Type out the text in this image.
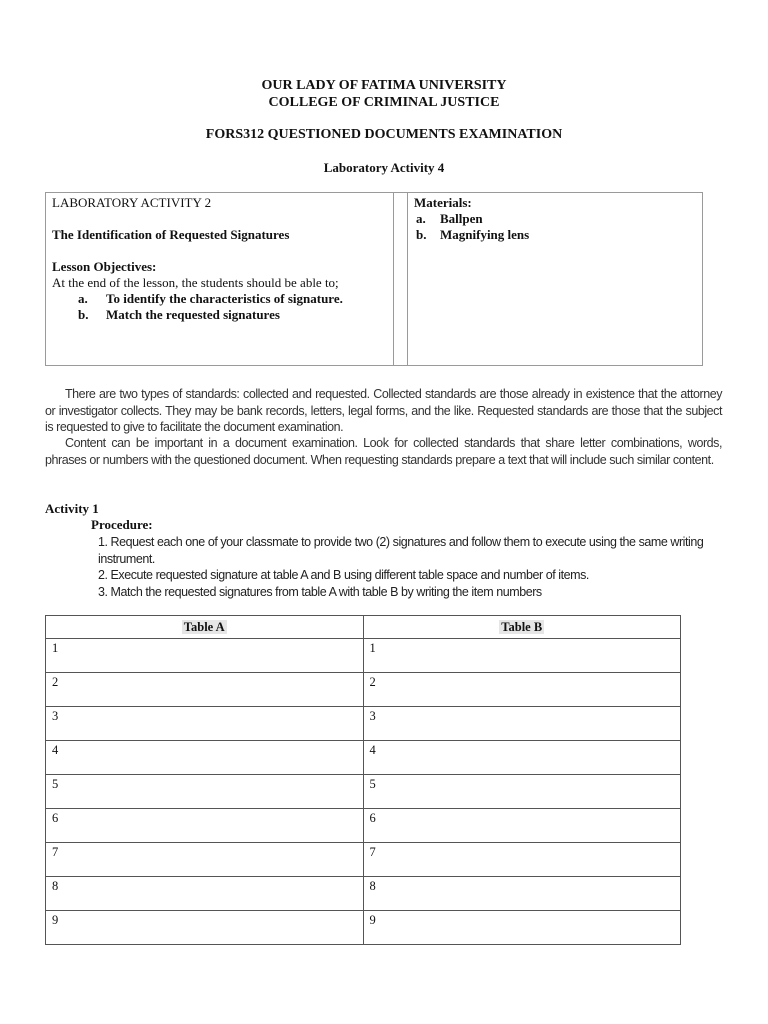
OUR LADY OF FATIMA UNIVERSITY
COLLEGE OF CRIMINAL JUSTICE
FORS312 QUESTIONED DOCUMENTS EXAMINATION
Laboratory Activity 4
LABORATORY ACTIVITY 2
The Identification of Requested Signatures
Lesson Objectives:
At the end of the lesson, the students should be able to;
a. To identify the characteristics of signature.
b. Match the requested signatures
Materials:
a. Ballpen
b. Magnifying lens
There are two types of standards: collected and requested. Collected standards are those already in existence that the attorney or investigator collects. They may be bank records, letters, legal forms, and the like. Requested standards are those that the subject is requested to give to facilitate the document examination.
Content can be important in a document examination. Look for collected standards that share letter combinations, words, phrases or numbers with the questioned document. When requesting standards prepare a text that will include such similar content.
Activity 1
Procedure:
1. Request each one of your classmate to provide two (2) signatures and follow them to execute using the same writing instrument.
2. Execute requested signature at table A and B using different table space and number of items.
3. Match the requested signatures from table A with table B by writing the item numbers
Table A	Table B
1	1
2	2
3	3
4	4
5	5
6	6
7	7
8	8
9	9
